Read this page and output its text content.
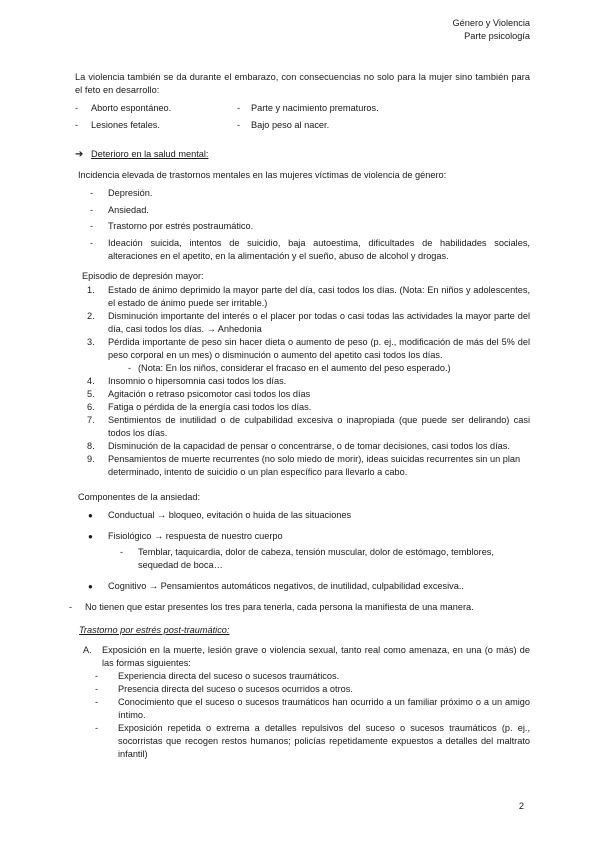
Género y Violencia
Parte psicología

La violencia también se da durante el embarazo, con consecuencias no solo para la mujer sino también para el feto en desarrollo:

- Aborto espontáneo.
- Lesiones fetales.
- Parte y nacimiento prematuros.
- Bajo peso al nacer.
➔ Deterioro en la salud mental:

Incidencia elevada de trastornos mentales en las mujeres víctimas de violencia de género:

- Depresión.
- Ansiedad.
- Trastorno por estrés postraumático.
- Ideación suicida, intentos de suicidio, baja autoestima, dificultades de habilidades sociales, alteraciones en el apetito, en la alimentación y el sueño, abuso de alcohol y drogas.

Episodio de depresión mayor:

1. Estado de ánimo deprimido la mayor parte del día, casi todos los días. (Nota: En niños y adolescentes, el estado de ánimo puede ser irritable.)
2. Disminución importante del interés o el placer por todas o casi todas las actividades la mayor parte del día, casi todos los días. → Anhedonia
3. Pérdida importante de peso sin hacer dieta o aumento de peso (p. ej., modificación de más del 5% del peso corporal en un mes) o disminución o aumento del apetito casi todos los días.
- (Nota: En los niños, considerar el fracaso en el aumento del peso esperado.)
4. Insomnio o hipersomnia casi todos los días.
5. Agitación o retraso psicomotor casi todos los días
6. Fatiga o pérdida de la energía casi todos los días.
7. Sentimientos de inutilidad o de culpabilidad excesiva o inapropiada (que puede ser delirando) casi todos los días.
8. Disminución de la capacidad de pensar o concentrarse, o de tomar decisiones, casi todos los días.
9. Pensamientos de muerte recurrentes (no solo miedo de morir), ideas suicidas recurrentes sin un plan determinado, intento de suicidio o un plan específico para llevarlo a cabo.

Componentes de la ansiedad:

● Conductual → bloqueo, evitación o huida de las situaciones
● Fisiológico → respuesta de nuestro cuerpo
- Temblar, taquicardia, dolor de cabeza, tensión muscular, dolor de estómago, temblores, sequedad de boca…
● Cognitivo → Pensamientos automáticos negativos, de inutilidad, culpabilidad excesiva..

- No tienen que estar presentes los tres para tenerla, cada persona la manifiesta de una manera.

Trastorno por estrés post-traumático:

A. Exposición en la muerte, lesión grave o violencia sexual, tanto real como amenaza, en una (o más) de las formas siguientes:
- Experiencia directa del suceso o sucesos traumáticos.
- Presencia directa del suceso o sucesos ocurridos a otros.
- Conocimiento que el suceso o sucesos traumáticos han ocurrido a un familiar próximo o a un amigo íntimo.
- Exposición repetida o extrema a detalles repulsivos del suceso o sucesos traumáticos (p. ej., socorristas que recogen restos humanos; policías repetidamente expuestos a detalles del maltrato infantil)
2
